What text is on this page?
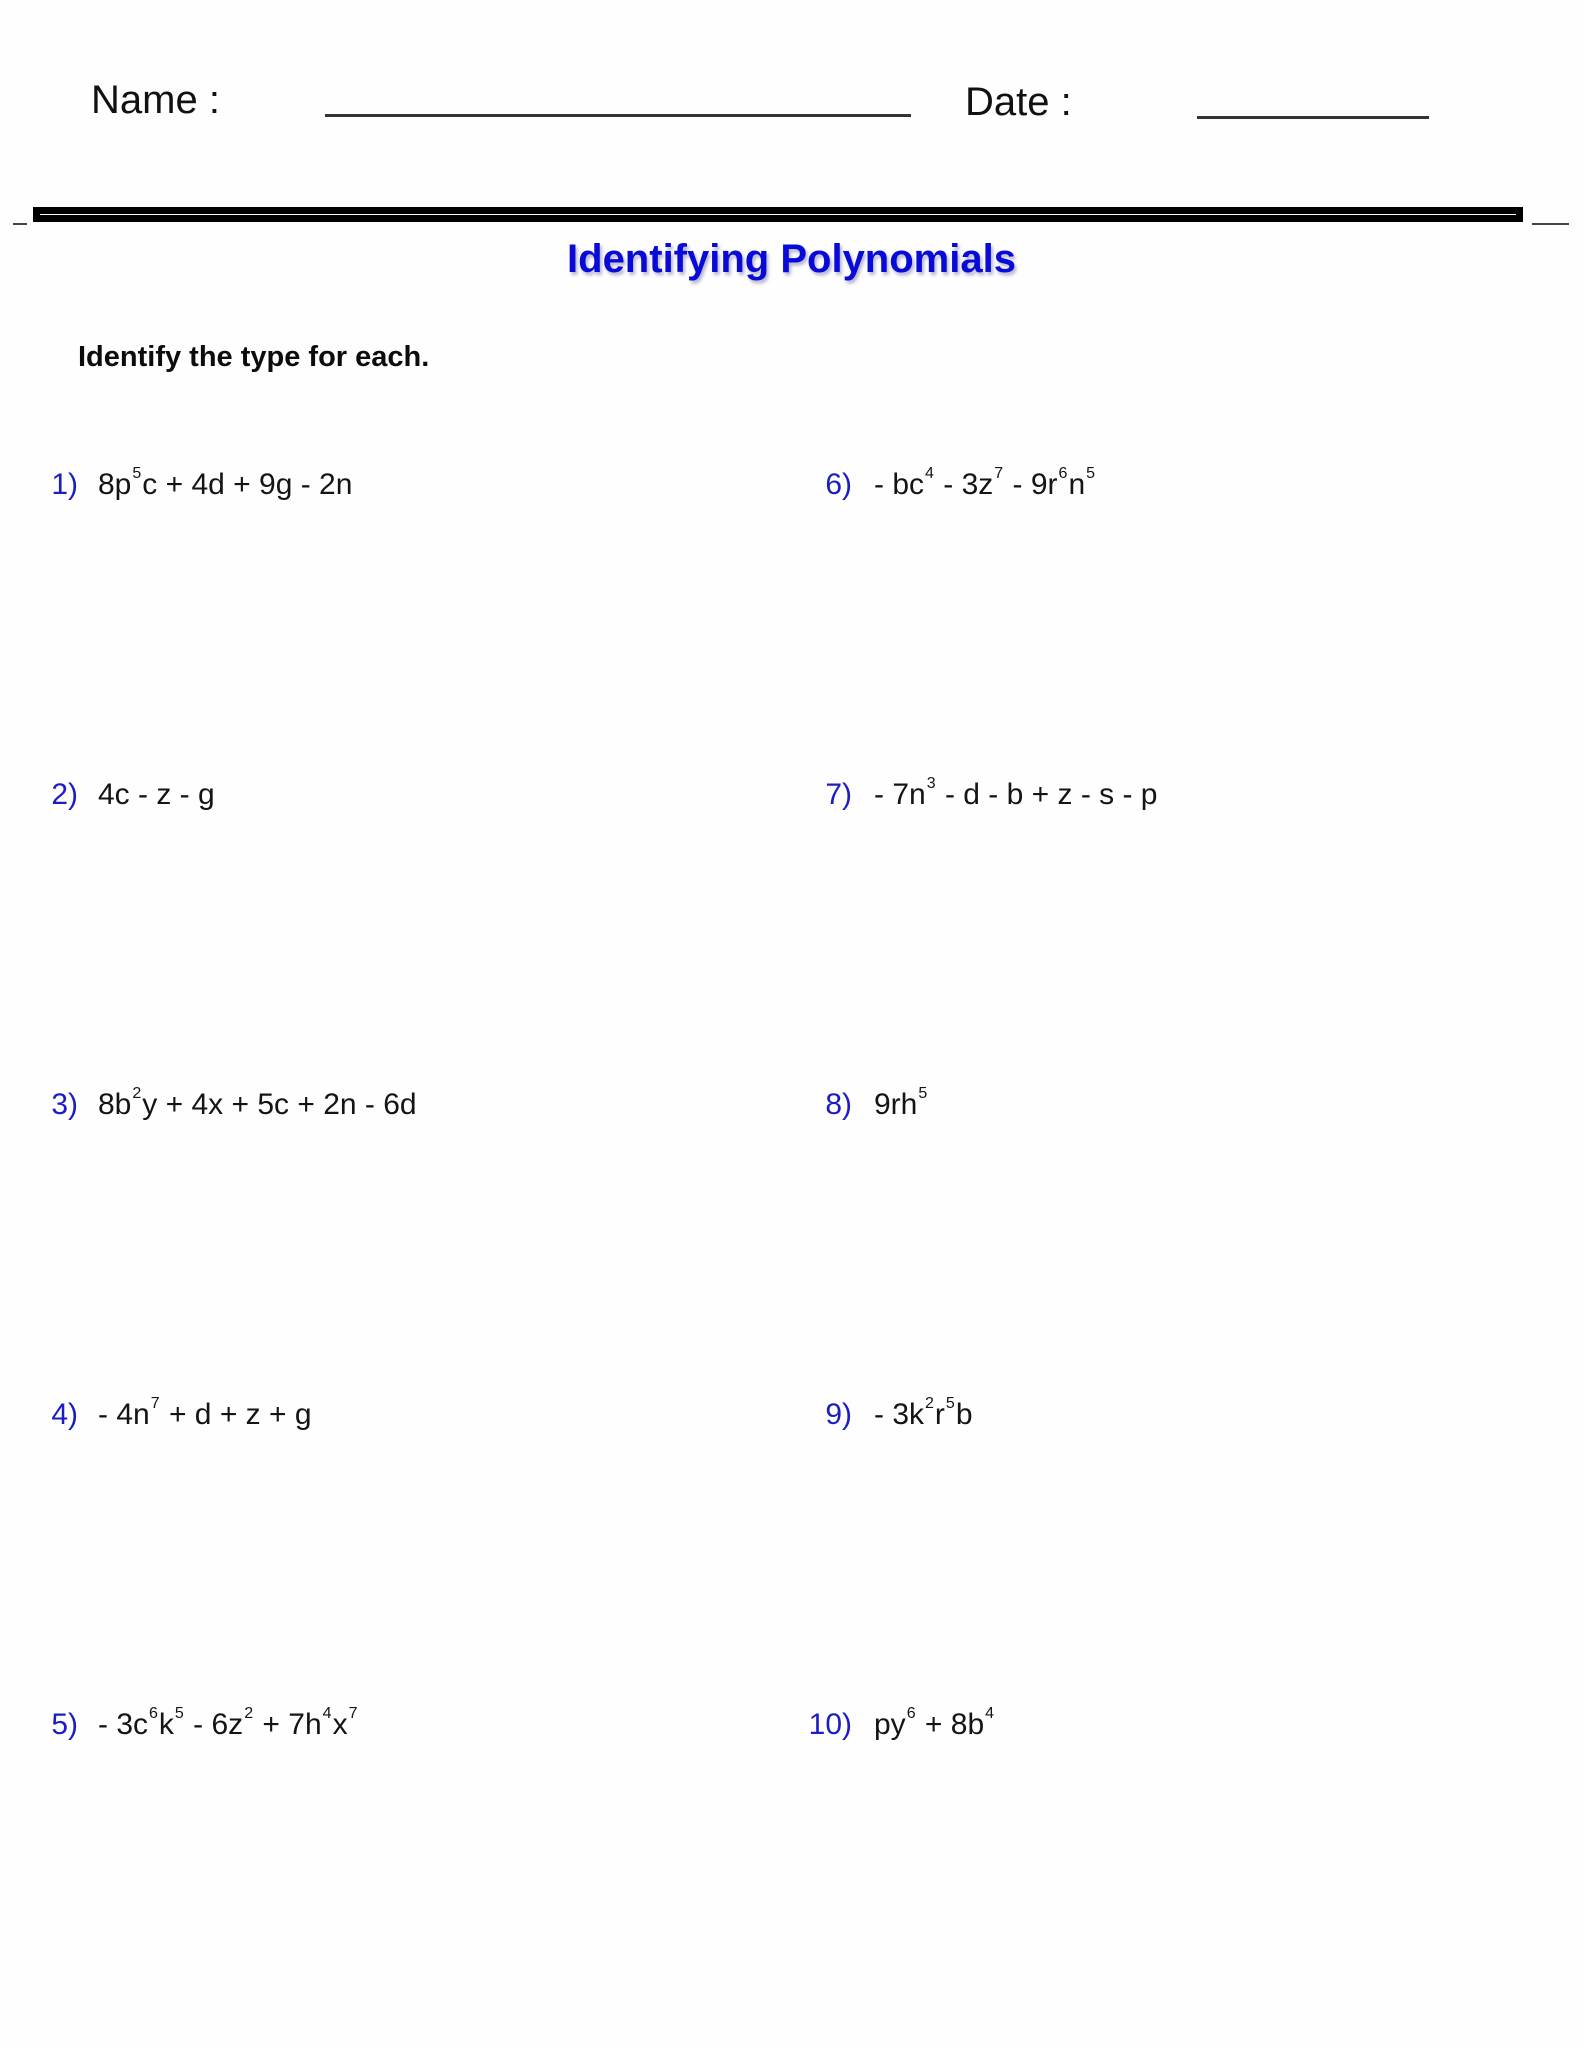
Name :	Date :
Identifying Polynomials
Identify the type for each.
1) $8p^5c + 4d + 9g - 2n$
2) 4c - z - g
3) $8b^2y + 4x + 5c + 2n - 6d$
$4) - 4n^7 + d + z + g$
$5) - 3c^6k^5 - 6z^2 + 7h^4x^7$
$6) - bc^4 - 3z^7 - 9r^6n^5$
$7) - 7n^3 - d - b + z - s - p$
8) $9rh^5$
$9) - 3k^2r^5b$
10) $py^6 + 8b^4$
